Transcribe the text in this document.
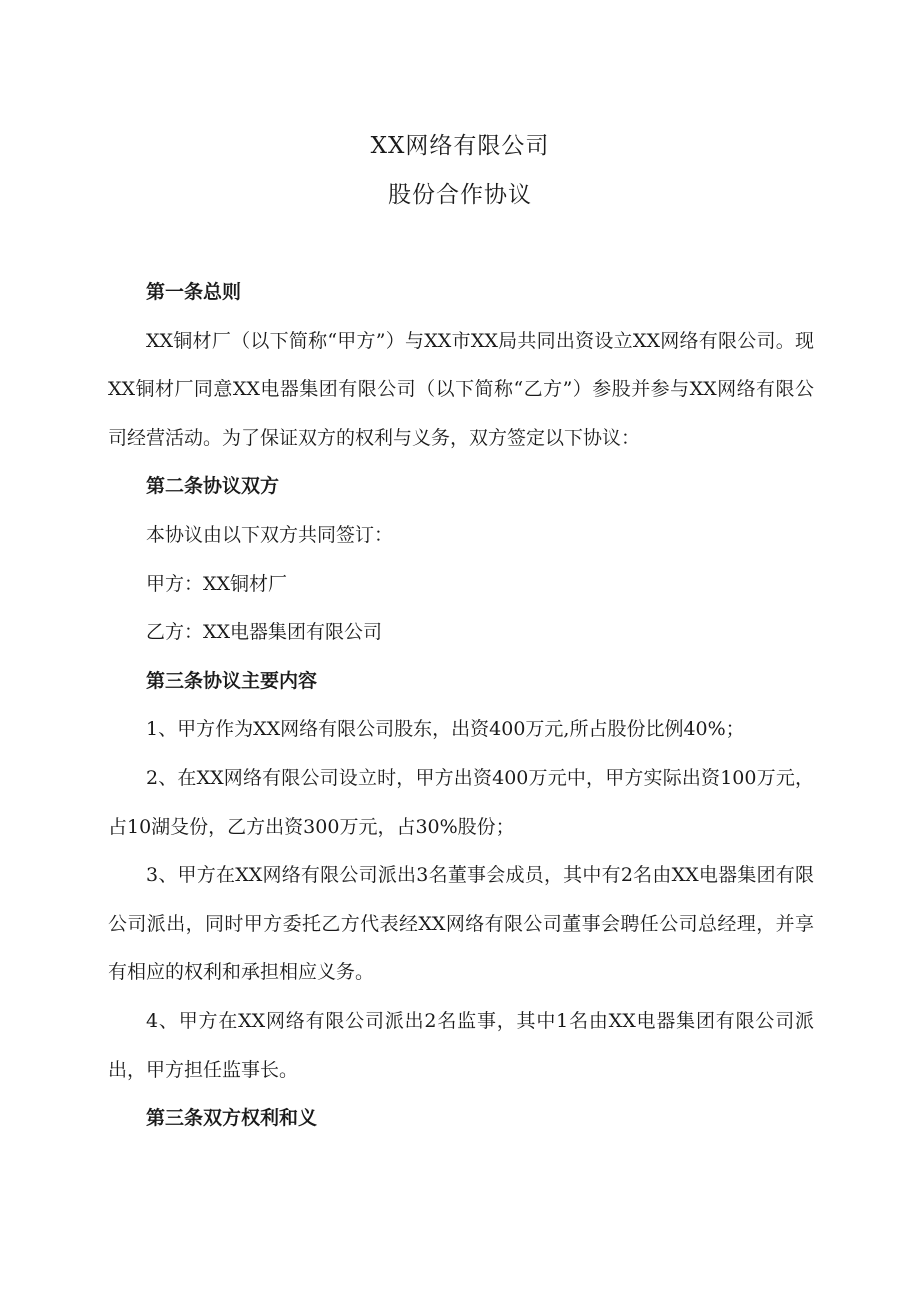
XX网络有限公司
股份合作协议

第一条总则

XX铜材厂（以下简称“甲方”）与XX市XX局共同出资设立XX网络有限公司。现XX铜材厂同意XX电器集团有限公司（以下简称“乙方”）参股并参与XX网络有限公司经营活动。为了保证双方的权利与义务，双方签定以下协议：

第二条协议双方

本协议由以下双方共同签订：

甲方：XX铜材厂

乙方：XX电器集团有限公司

第三条协议主要内容

1、甲方作为XX网络有限公司股东，出资400万元,所占股份比例40%；

2、在XX网络有限公司设立时，甲方出资400万元中，甲方实际出资100万元，占10湖殳份，乙方出资300万元，占30%股份；

3、甲方在XX网络有限公司派出3名董事会成员，其中有2名由XX电器集团有限公司派出，同时甲方委托乙方代表经XX网络有限公司董事会聘任公司总经理，并享有相应的权利和承担相应义务。

4、甲方在XX网络有限公司派出2名监事，其中1名由XX电器集团有限公司派出，甲方担任监事长。

第三条双方权利和义
